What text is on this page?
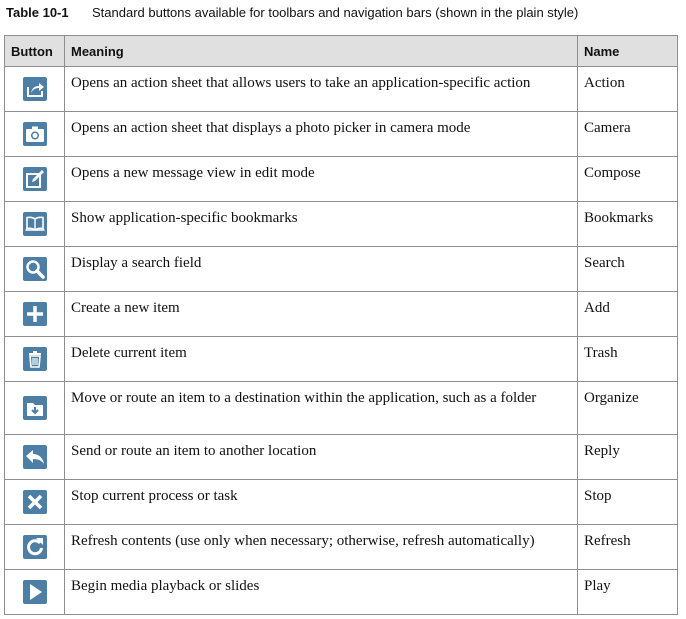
Table 10-1 Standard buttons available for toolbars and navigation bars (shown in the plain style)
Button	Meaning	Name

	Opens an action sheet that allows users to take an application-specific action	Action

	Opens an action sheet that displays a photo picker in camera mode	Camera

	Opens a new message view in edit mode	Compose

	Show application-specific bookmarks	Bookmarks

	Display a search field	Search

	Create a new item	Add

	Delete current item	Trash

	Move or route an item to a destination within the application, such as a folder	Organize

	Send or route an item to another location	Reply

	Stop current process or task	Stop

	Refresh contents (use only when necessary; otherwise, refresh automatically)	Refresh

	Begin media playback or slides	Play
